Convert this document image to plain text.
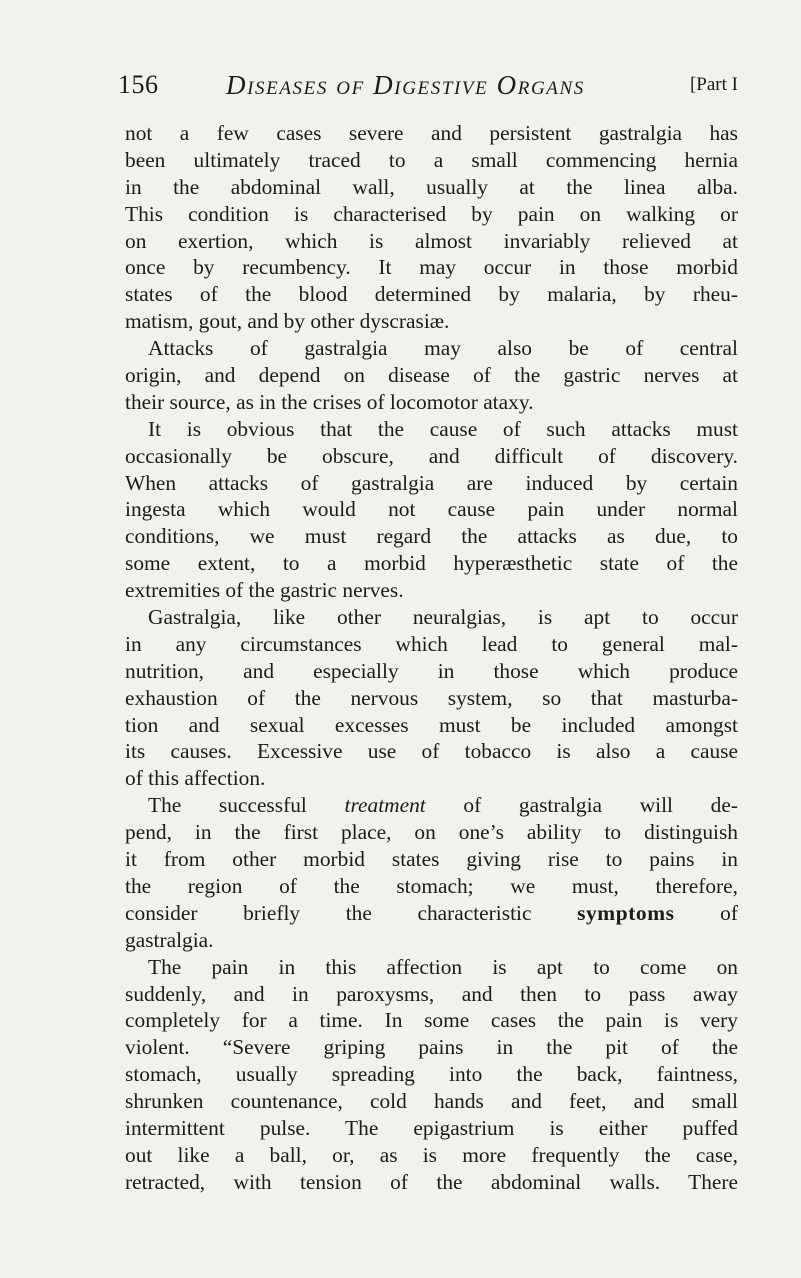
156	Diseases of Digestive Organs	[Part I
not a few cases severe and persistent gastralgia has
been ultimately traced to a small commencing hernia
in the abdominal wall, usually at the linea alba.
This condition is characterised by pain on walking or
on exertion, which is almost invariably relieved at
once by recumbency. It may occur in those morbid
states of the blood determined by malaria, by rheu-
matism, gout, and by other dyscrasiæ.
Attacks of gastralgia may also be of central
origin, and depend on disease of the gastric nerves at
their source, as in the crises of locomotor ataxy.
It is obvious that the cause of such attacks must
occasionally be obscure, and difficult of discovery.
When attacks of gastralgia are induced by certain
ingesta which would not cause pain under normal
conditions, we must regard the attacks as due, to
some extent, to a morbid hyperæsthetic state of the
extremities of the gastric nerves.
Gastralgia, like other neuralgias, is apt to occur
in any circumstances which lead to general mal-
nutrition, and especially in those which produce
exhaustion of the nervous system, so that masturba-
tion and sexual excesses must be included amongst
its causes. Excessive use of tobacco is also a cause
of this affection.
The successful treatment of gastralgia will de-
pend, in the first place, on one’s ability to distinguish
it from other morbid states giving rise to pains in
the region of the stomach; we must, therefore,
consider briefly the characteristic symptoms of
gastralgia.
The pain in this affection is apt to come on
suddenly, and in paroxysms, and then to pass away
completely for a time. In some cases the pain is very
violent. “Severe griping pains in the pit of the
stomach, usually spreading into the back, faintness,
shrunken countenance, cold hands and feet, and small
intermittent pulse. The epigastrium is either puffed
out like a ball, or, as is more frequently the case,
retracted, with tension of the abdominal walls. There
